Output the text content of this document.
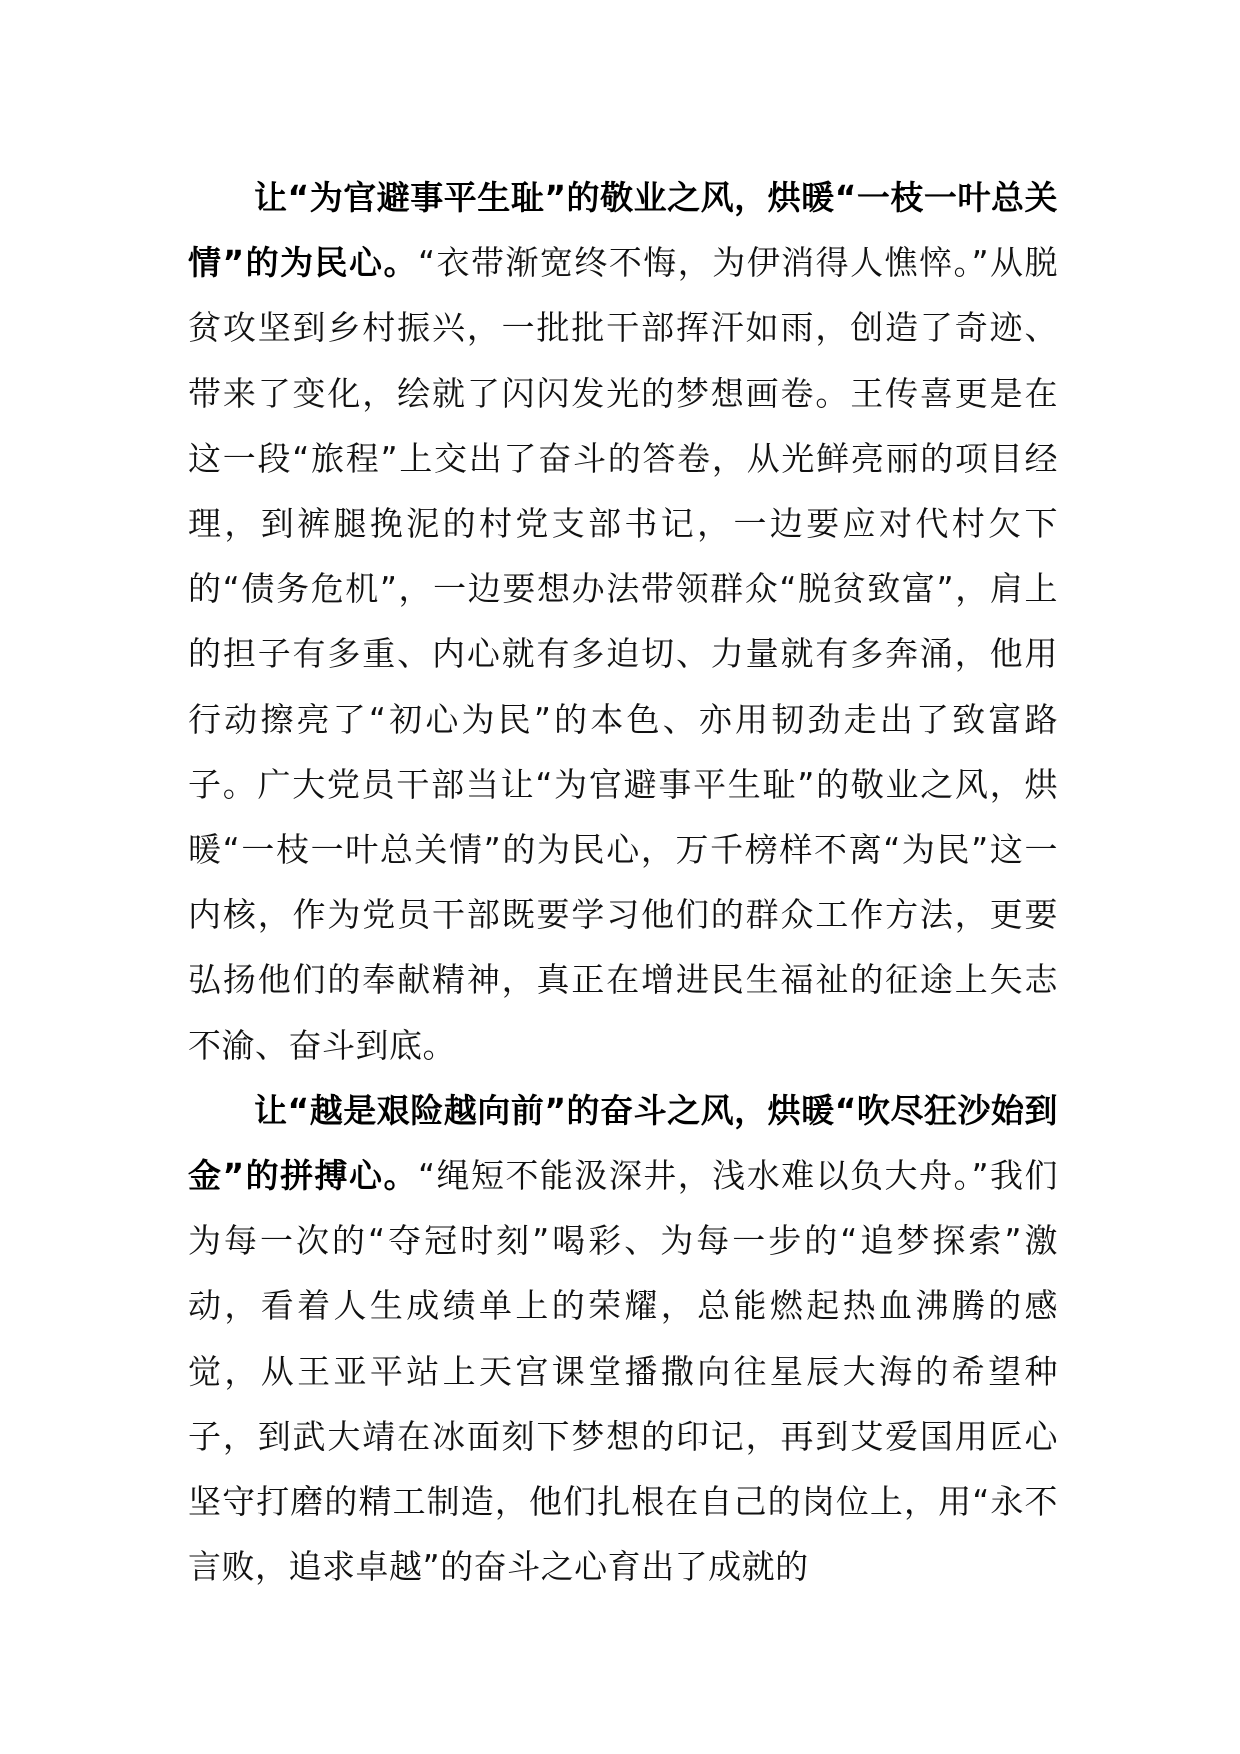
让“为官避事平生耻”的敬业之风，烘暖“一枝一叶总关情”的为民心。“衣带渐宽终不悔，为伊消得人憔悴。”从脱贫攻坚到乡村振兴，一批批干部挥汗如雨，创造了奇迹、带来了变化，绘就了闪闪发光的梦想画卷。王传喜更是在这一段“旅程”上交出了奋斗的答卷，从光鲜亮丽的项目经理，到裤腿挽泥的村党支部书记，一边要应对代村欠下的“债务危机”，一边要想办法带领群众“脱贫致富”，肩上的担子有多重、内心就有多迫切、力量就有多奔涌，他用行动擦亮了“初心为民”的本色、亦用韧劲走出了致富路子。广大党员干部当让“为官避事平生耻”的敬业之风，烘暖“一枝一叶总关情”的为民心，万千榜样不离“为民”这一内核，作为党员干部既要学习他们的群众工作方法，更要弘扬他们的奉献精神，真正在增进民生福祉的征途上矢志不渝、奋斗到底。

让“越是艰险越向前”的奋斗之风，烘暖“吹尽狂沙始到金”的拼搏心。“绳短不能汲深井，浅水难以负大舟。”我们为每一次的“夺冠时刻”喝彩、为每一步的“追梦探索”激动，看着人生成绩单上的荣耀，总能燃起热血沸腾的感觉，从王亚平站上天宫课堂播撒向往星辰大海的希望种子，到武大靖在冰面刻下梦想的印记，再到艾爱国用匠心坚守打磨的精工制造，他们扎根在自己的岗位上，用“永不言败，追求卓越”的奋斗之心育出了成就的
